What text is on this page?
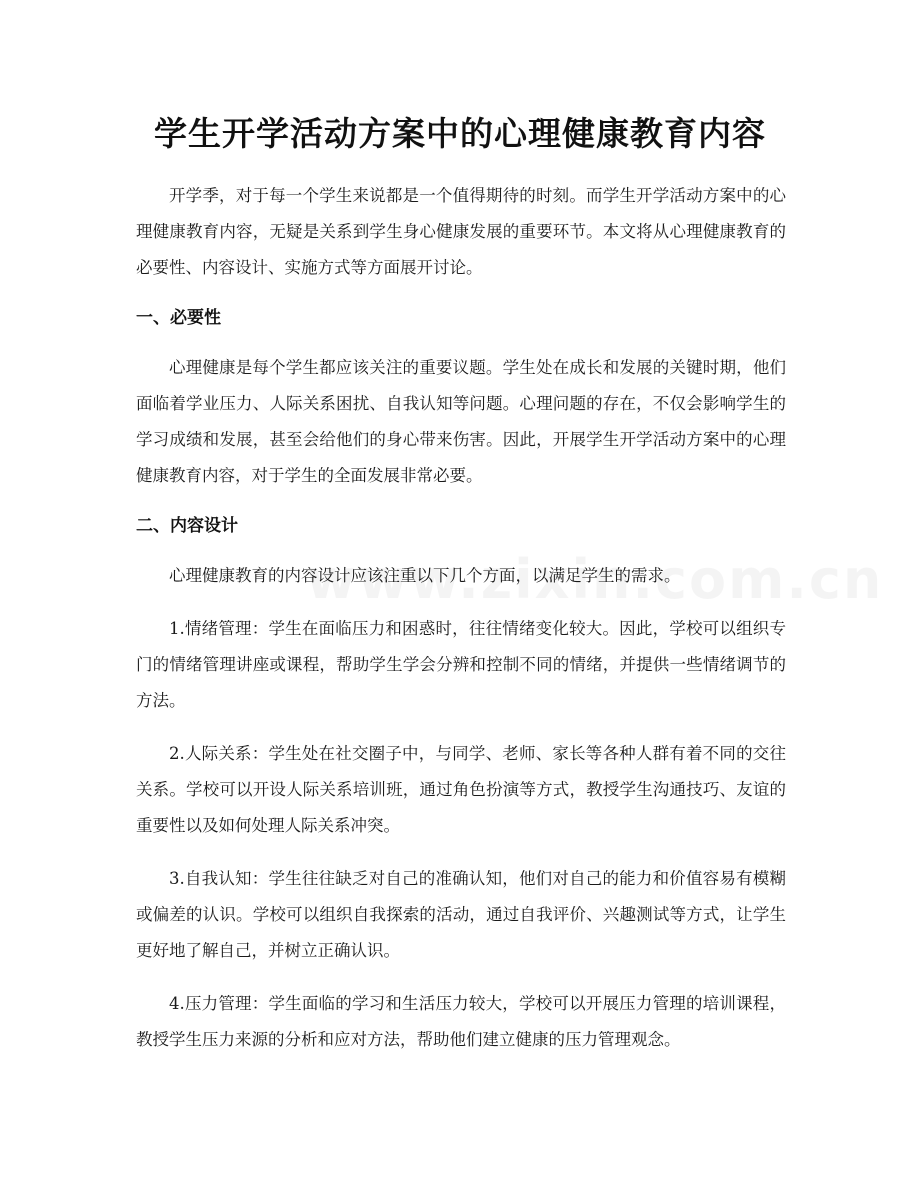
学生开学活动方案中的心理健康教育内容

开学季，对于每一个学生来说都是一个值得期待的时刻。而学生开学活动方案中的心理健康教育内容，无疑是关系到学生身心健康发展的重要环节。本文将从心理健康教育的必要性、内容设计、实施方式等方面展开讨论。

一、必要性

心理健康是每个学生都应该关注的重要议题。学生处在成长和发展的关键时期，他们面临着学业压力、人际关系困扰、自我认知等问题。心理问题的存在，不仅会影响学生的学习成绩和发展，甚至会给他们的身心带来伤害。因此，开展学生开学活动方案中的心理健康教育内容，对于学生的全面发展非常必要。

二、内容设计

心理健康教育的内容设计应该注重以下几个方面，以满足学生的需求。

1.情绪管理：学生在面临压力和困惑时，往往情绪变化较大。因此，学校可以组织专门的情绪管理讲座或课程，帮助学生学会分辨和控制不同的情绪，并提供一些情绪调节的方法。

2.人际关系：学生处在社交圈子中，与同学、老师、家长等各种人群有着不同的交往关系。学校可以开设人际关系培训班，通过角色扮演等方式，教授学生沟通技巧、友谊的重要性以及如何处理人际关系冲突。

3.自我认知：学生往往缺乏对自己的准确认知，他们对自己的能力和价值容易有模糊或偏差的认识。学校可以组织自我探索的活动，通过自我评价、兴趣测试等方式，让学生更好地了解自己，并树立正确认识。

4.压力管理：学生面临的学习和生活压力较大，学校可以开展压力管理的培训课程，教授学生压力来源的分析和应对方法，帮助他们建立健康的压力管理观念。
